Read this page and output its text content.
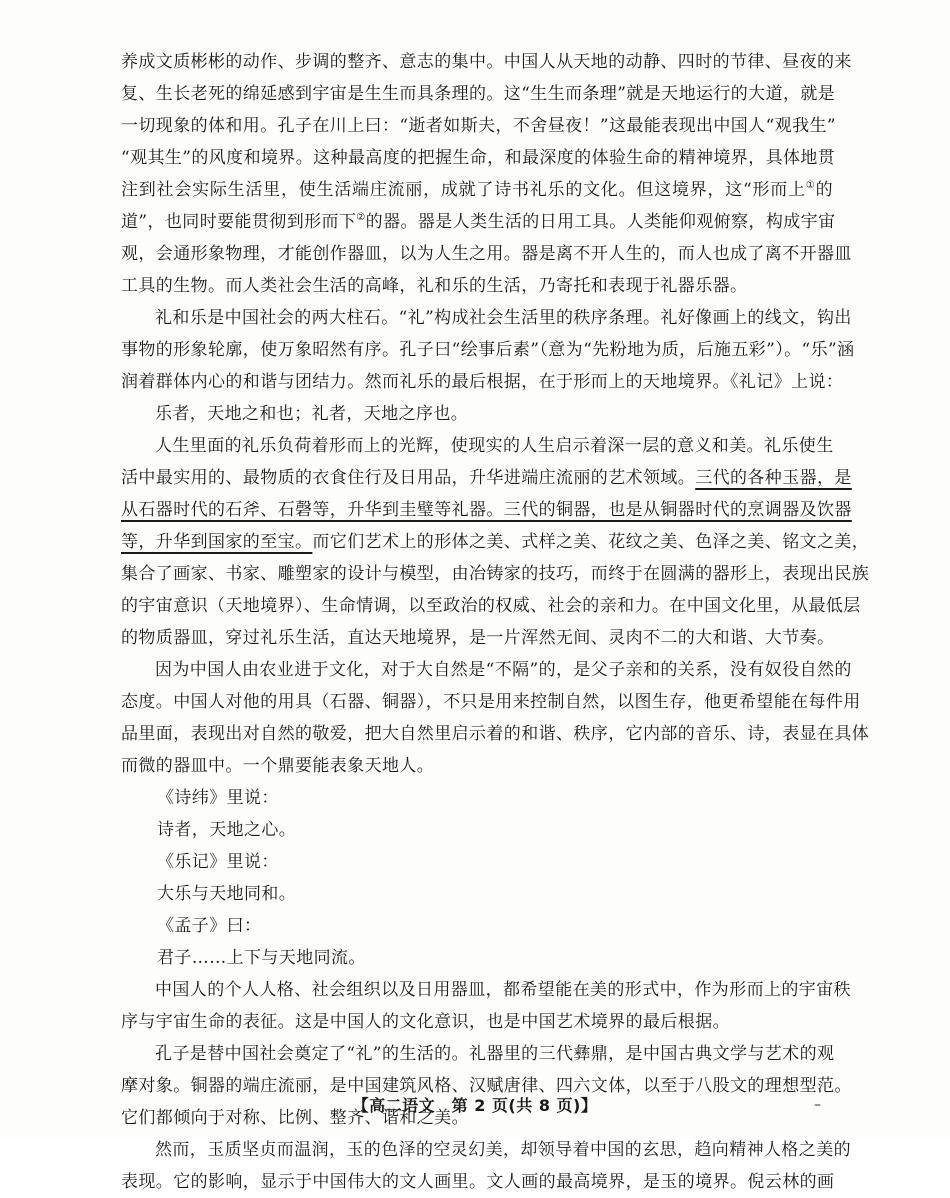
养成文质彬彬的动作、步调的整齐、意志的集中。中国人从天地的动静、四时的节律、昼夜的来
复、生长老死的绵延感到宇宙是生生而具条理的。这“生生而条理”就是天地运行的大道，就是
一切现象的体和用。孔子在川上曰：“逝者如斯夫，不舍昼夜！”这最能表现出中国人“观我生”
“观其生”的风度和境界。这种最高度的把握生命，和最深度的体验生命的精神境界，具体地贯
注到社会实际生活里，使生活端庄流丽，成就了诗书礼乐的文化。但这境界，这“形而上①的
道”，也同时要能贯彻到形而下②的器。器是人类生活的日用工具。人类能仰观俯察，构成宇宙
观，会通形象物理，才能创作器皿，以为人生之用。器是离不开人生的，而人也成了离不开器皿
工具的生物。而人类社会生活的高峰，礼和乐的生活，乃寄托和表现于礼器乐器。
礼和乐是中国社会的两大柱石。“礼”构成社会生活里的秩序条理。礼好像画上的线文，钩出
事物的形象轮廓，使万象昭然有序。孔子曰“绘事后素”（意为“先粉地为质，后施五彩”）。“乐”涵
润着群体内心的和谐与团结力。然而礼乐的最后根据，在于形而上的天地境界。《礼记》上说：
乐者，天地之和也；礼者，天地之序也。
人生里面的礼乐负荷着形而上的光辉，使现实的人生启示着深一层的意义和美。礼乐使生
活中最实用的、最物质的衣食住行及日用品，升华进端庄流丽的艺术领域。三代的各种玉器，是
从石器时代的石斧、石磬等，升华到圭璧等礼器。三代的铜器，也是从铜器时代的烹调器及饮器
等，升华到国家的至宝。而它们艺术上的形体之美、式样之美、花纹之美、色泽之美、铭文之美，
集合了画家、书家、雕塑家的设计与模型，由冶铸家的技巧，而终于在圆满的器形上，表现出民族
的宇宙意识（天地境界）、生命情调，以至政治的权威、社会的亲和力。在中国文化里，从最低层
的物质器皿，穿过礼乐生活，直达天地境界，是一片浑然无间、灵肉不二的大和谐、大节奏。
因为中国人由农业进于文化，对于大自然是“不隔”的，是父子亲和的关系，没有奴役自然的
态度。中国人对他的用具（石器、铜器），不只是用来控制自然，以图生存，他更希望能在每件用
品里面，表现出对自然的敬爱，把大自然里启示着的和谐、秩序，它内部的音乐、诗，表显在具体
而微的器皿中。一个鼎要能表象天地人。
《诗纬》里说：
诗者，天地之心。
《乐记》里说：
大乐与天地同和。
《孟子》曰：
君子……上下与天地同流。
中国人的个人人格、社会组织以及日用器皿，都希望能在美的形式中，作为形而上的宇宙秩
序与宇宙生命的表征。这是中国人的文化意识，也是中国艺术境界的最后根据。
孔子是替中国社会奠定了“礼”的生活的。礼器里的三代彝鼎，是中国古典文学与艺术的观
摩对象。铜器的端庄流丽，是中国建筑风格、汉赋唐律、四六文体，以至于八股文的理想型范。
它们都倾向于对称、比例、整齐、谐和之美。
然而，玉质坚贞而温润，玉的色泽的空灵幻美，却领导着中国的玄思，趋向精神人格之美的
表现。它的影响，显示于中国伟大的文人画里。文人画的最高境界，是玉的境界。倪云林的画
【高二语文　第 2 页(共 8 页)】	–
